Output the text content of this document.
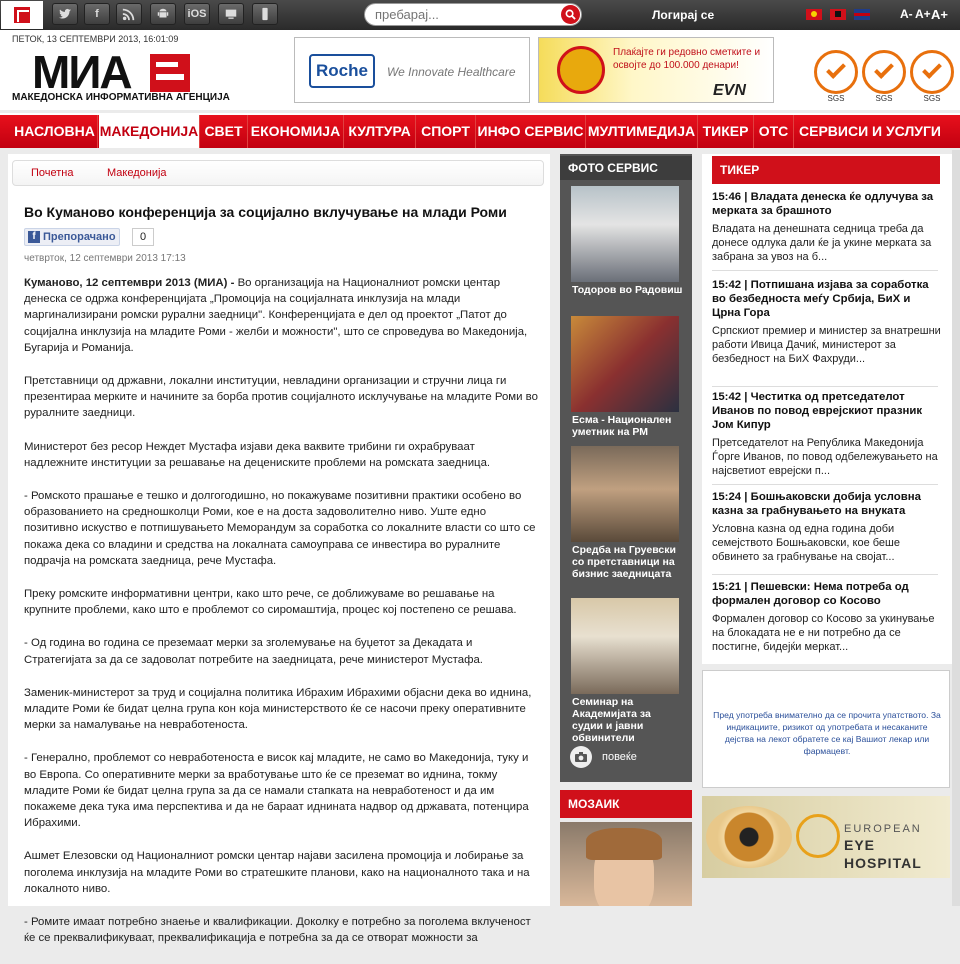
f	iOS
пребарај...	Логирај се	A- A+ A+
ПЕТОК, 13 СЕПТЕМВРИ 2013, 16:01:09
МИА
МАКЕДОНСКА ИНФОРМАТИВНА АГЕНЦИЈА
Roche	We Innovate Healthcare
Плаќајте ги редовно сметките и освојте до 100.000 денари!
EVN	SGS	SGS	SGS
НАСЛОВНА МАКЕДОНИЈА СВЕТ ЕКОНОМИЈА КУЛТУРА СПОРТ ИНФО СЕРВИС МУЛТИМЕДИЈА ТИКЕР ОТС СЕРВИСИ И УСЛУГИ
Почетна	Македонија
Во Куманово конференција за социјално вклучување на млади Роми
f Препорачано	0
четврток, 12 септември 2013 17:13

Куманово, 12 септември 2013 (МИА) - Во организација на Националниот ромски центар денеска се одржа конференцијата „Промоција на социјалната инклузија на млади маргинализирани ромски рурални заедници". Конференцијата е дел од проектот „Патот до социјална инклузија на младите Роми - желби и можности", што се спроведува во Македонија, Бугарија и Романија.

Претставници од државни, локални институции, невладини организации и стручни лица ги презентираа мерките и начините за борба против социјалното исклучување на младите Роми во руралните заедници.

Министерот без ресор Нeждет Мустафа изјави дека ваквите трибини ги охрабруваат надлежните институции за решавање на децениските проблеми на ромската заедница.

- Ромското прашање е тешко и долгогодишно, но покажуваме позитивни практики особено во образованието на средношколци Роми, кое е на доста задоволително ниво. Уште едно позитивно искуство е потпишувањето Меморандум за соработка со локалните власти со што се покажа дека со владини и средства на локалната самоуправа се инвестира во руралните подрачја на ромската заедница, рече Мустафа.

Преку ромските информативни центри, како што рече, се доближуваме во решавање на крупните проблеми, како што е проблемот со сиромаштија, процес кој постепено се решава.

- Од година во година се преземаат мерки за зголемување на буџетот за Декадата и Стратегијата за да се задоволат потребите на заедницата, рече министерот Мустафа.

Заменик-министерот за труд и социјална политика Ибрахим Ибрахими објасни дека во иднина, младите Роми ќе бидат целна група кон која министерството ќе се насочи преку оперативните мерки за намалување на невработеноста.

- Генерално, проблемот со невработеноста е висок кај младите, не само во Македонија, туку и во Европа. Со оперативните мерки за вработување што ќе се преземат во иднина, токму младите Роми ќе бидат целна група за да се намали стапката на невработеност и да им покажеме дека тука има перспектива и да не бараат иднината надвор од државата, потенцира Ибрахими.

Ашмет Елезовски од Националниот ромски центар најави засилена промоција и лобирање за поголема инклузија на младите Роми во стратешките планови, како на националното така и на локалното ниво.

- Ромите имаат потребно знаење и квалификации. Доколку е потребно за поголема вклученост ќе се преквалификуваат, преквалификација е потребна за да се отворат можности за

ФОТО СЕРВИС
Тодоров во Радовиш
Есма - Национален уметник на РМ
Средба на Груевски со претставници на бизнис заедницата
Семинар на Академијата за судии и јавни обвинители
повеќе
МОЗАИК
ТИКЕР
15:46 | Владата денеска ќе одлучува за мерката за брашното
Владата на денешната седница треба да донесе одлука дали ќе ја укине мерката за забрана за увоз на б...
15:42 | Потпишана изјава за соработка во безбедноста меѓу Србија, БиХ и Црна Гора
Српскиот премиер и министер за внатрешни работи Ивица Дачиќ, министерот за безбедност на БиХ Фахруди...
15:42 | Честитка од претседателот Иванов по повод еврејскиот празник Јом Кипур
Претседателот на Република Македонија Ѓорге Иванов, по повод одбележувањето на најсветиот еврејски п...
15:24 | Бошњаковски добија условна казна за грабнувањето на внуката
Условна казна од една година доби семејството Бошњаковски, кое беше обвинето за грабнување на својат...
15:21 | Пешевски: Нема потреба од формален договор со Косово
Формален договор со Косово за укинување на блокадата не е ни потребно да се постигне, бидејќи меркат...

Пред употреба внимателно да се прочита упатството. За индикациите, ризикот од употребата и несаканите дејства на лекот обратете се кај Вашиот лекар или фармацевт.

EUROPEAN
EYE HOSPITAL
